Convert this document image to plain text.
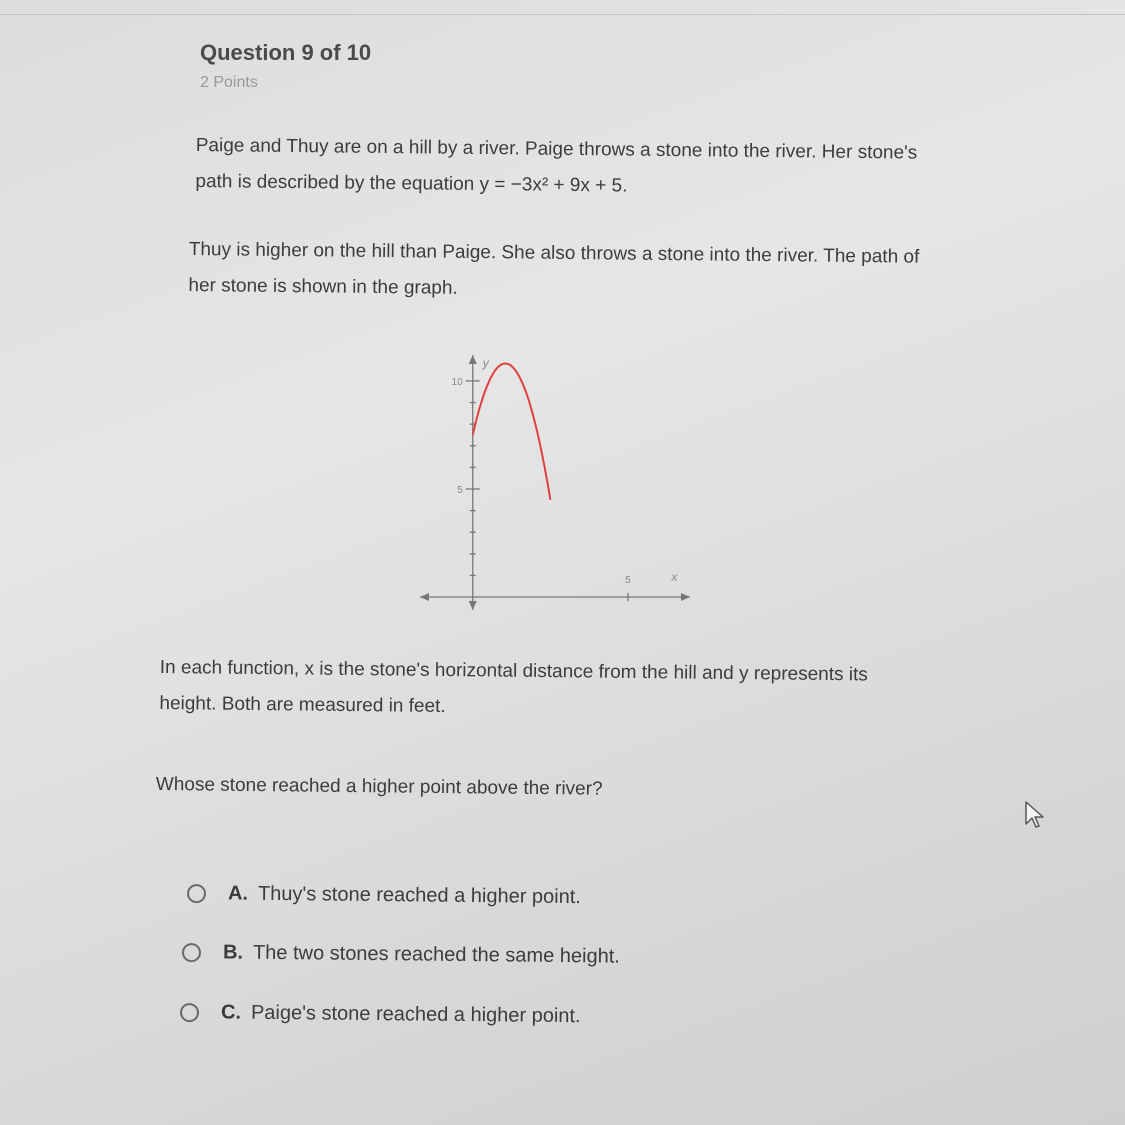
Question 9 of 10
2 Points
Paige and Thuy are on a hill by a river. Paige throws a stone into the river. Her stone's path is described by the equation y = −3x² + 9x + 5.
Thuy is higher on the hill than Paige. She also throws a stone into the river. The path of her stone is shown in the graph.
y
x
10
5
5
In each function, x is the stone's horizontal distance from the hill and y represents its height. Both are measured in feet.
Whose stone reached a higher point above the river?
A. Thuy's stone reached a higher point.
B. The two stones reached the same height.
C. Paige's stone reached a higher point.
